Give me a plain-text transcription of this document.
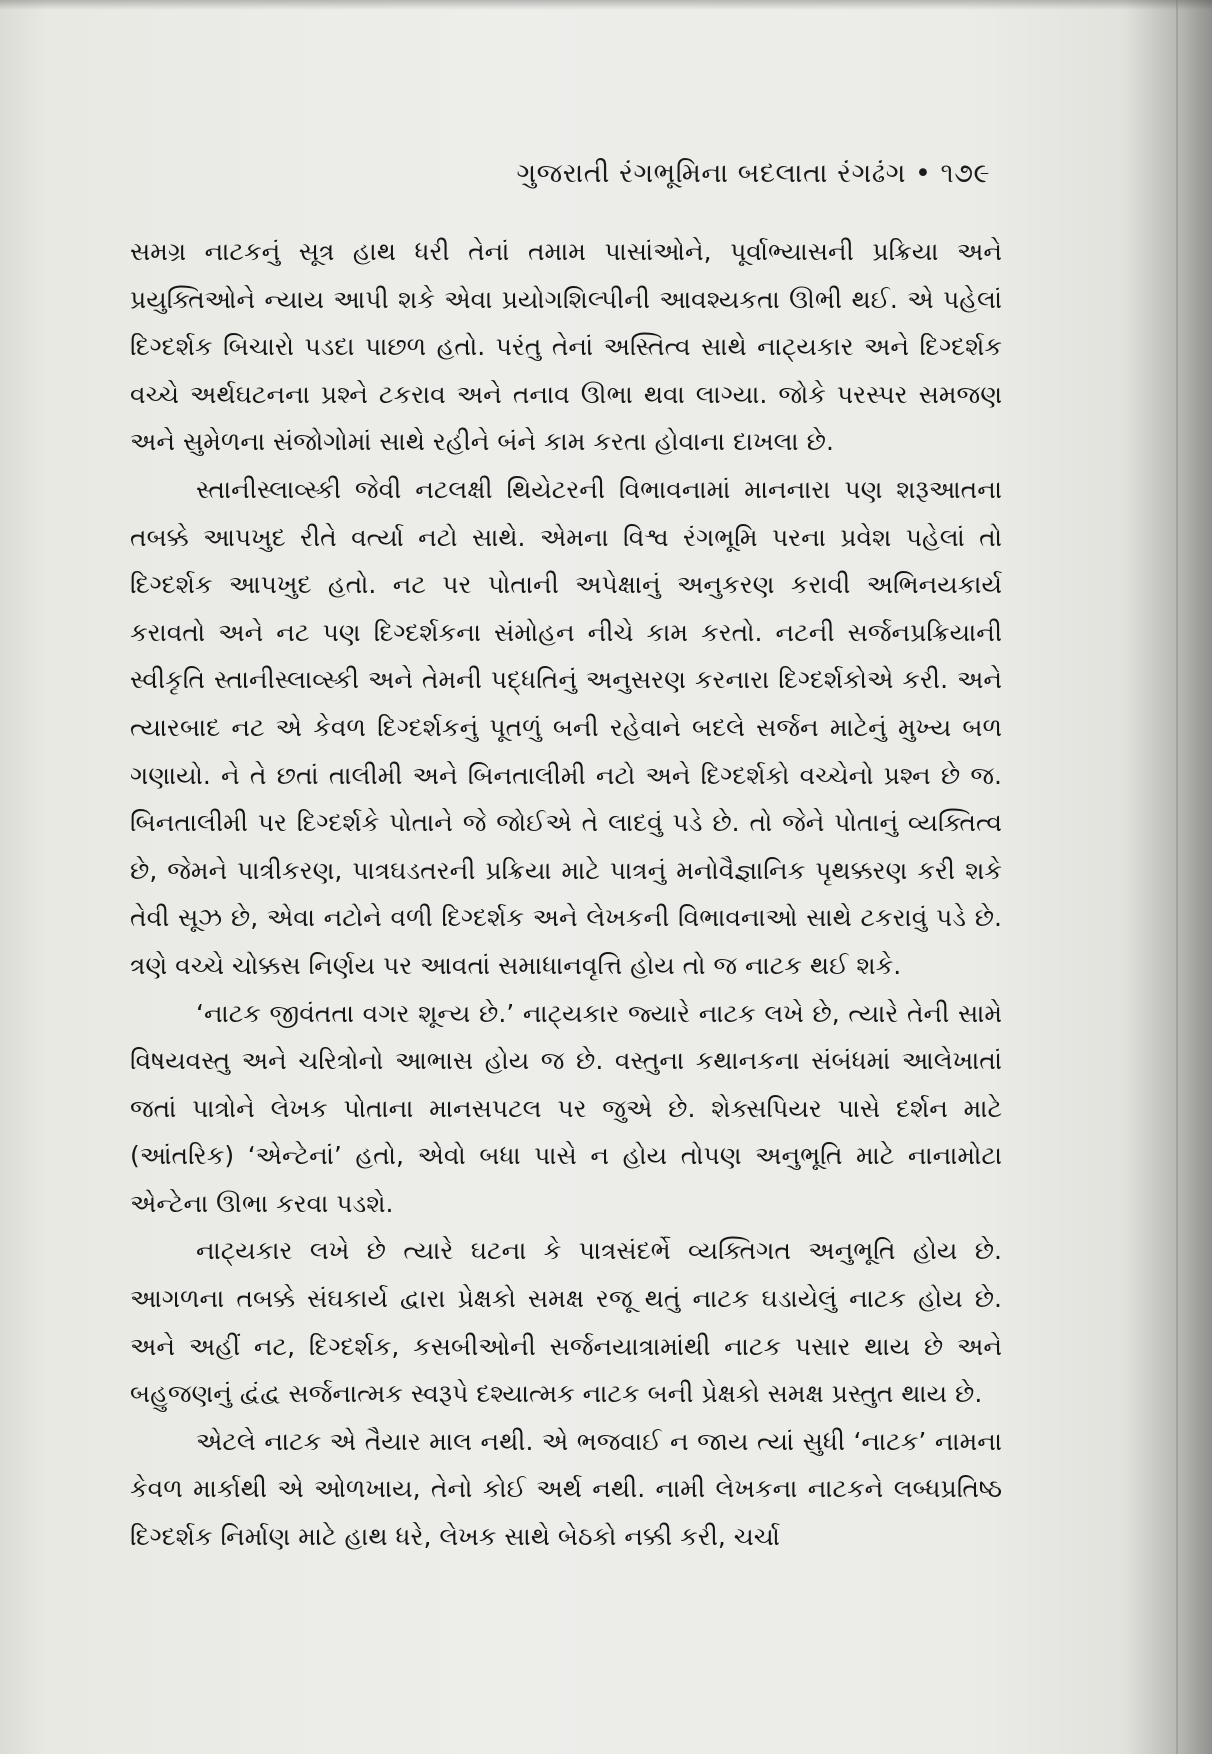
ગુજરાતી રંગભૂમિના બદલાતા રંગઢંગ • ૧૭૯

સમગ્ર નાટકનું સૂત્ર હાથ ધરી તેનાં તમામ પાસાંઓને, પૂર્વાભ્યાસની પ્રક્રિયા અને પ્રયુક્તિઓને ન્યાય આપી શકે એવા પ્રયોગશિલ્પીની આવશ્યકતા ઊભી થઈ. એ પહેલાં દિગ્દર્શક બિચારો પડદા પાછળ હતો. પરંતુ તેનાં અસ્તિત્વ સાથે નાટ્યકાર અને દિગ્દર્શક વચ્ચે અર્થઘટનના પ્રશ્ને ટકરાવ અને તનાવ ઊભા થવા લાગ્યા. જોકે પરસ્પર સમજણ અને સુમેળના સંજોગોમાં સાથે રહીને બંને કામ કરતા હોવાના દાખલા છે.

સ્તાનીસ્લાવ્સ્કી જેવી નટલક્ષી થિયેટરની વિભાવનામાં માનનારા પણ શરૂઆતના તબક્કે આપખુદ રીતે વર્ત્યા નટો સાથે. એમના વિશ્વ રંગભૂમિ પરના પ્રવેશ પહેલાં તો દિગ્દર્શક આપખુદ હતો. નટ પર પોતાની અપેક્ષાનું અનુકરણ કરાવી અભિનયકાર્ય કરાવતો અને નટ પણ દિગ્દર્શકના સંમોહન નીચે કામ કરતો. નટની સર્જનપ્રક્રિયાની સ્વીકૃતિ સ્તાનીસ્લાવ્સ્કી અને તેમની પદ્ધતિનું અનુસરણ કરનારા દિગ્દર્શકોએ કરી. અને ત્યારબાદ નટ એ કેવળ દિગ્દર્શકનું પૂતળું બની રહેવાને બદલે સર્જન માટેનું મુખ્ય બળ ગણાયો. ને તે છતાં તાલીમી અને બિનતાલીમી નટો અને દિગ્દર્શકો વચ્ચેનો પ્રશ્ન છે જ. બિનતાલીમી પર દિગ્દર્શકે પોતાને જે જોઈએ તે લાદવું પડે છે. તો જેને પોતાનું વ્યક્તિત્વ છે, જેમને પાત્રીકરણ, પાત્રઘડતરની પ્રક્રિયા માટે પાત્રનું મનોવૈજ્ઞાનિક પૃથક્કરણ કરી શકે તેવી સૂઝ છે, એવા નટોને વળી દિગ્દર્શક અને લેખકની વિભાવનાઓ સાથે ટકરાવું પડે છે. ત્રણે વચ્ચે ચોક્કસ નિર્ણય પર આવતાં સમાધાનવૃત્તિ હોય તો જ નાટક થઈ શકે.

‘નાટક જીવંતતા વગર શૂન્ય છે.’ નાટ્યકાર જ્યારે નાટક લખે છે, ત્યારે તેની સામે વિષયવસ્તુ અને ચરિત્રોનો આભાસ હોય જ છે. વસ્તુના કથાનકના સંબંધમાં આલેખાતાં જતાં પાત્રોને લેખક પોતાના માનસપટલ પર જુએ છે. શેક્સપિયર પાસે દર્શન માટે (આંતરિક) ‘એન્ટેનાં’ હતો, એવો બધા પાસે ન હોય તોપણ અનુભૂતિ માટે નાનામોટા એન્ટેના ઊભા કરવા પડશે.

નાટ્યકાર લખે છે ત્યારે ઘટના કે પાત્રસંદર્ભે વ્યક્તિગત અનુભૂતિ હોય છે. આગળના તબક્કે સંઘકાર્ય દ્વારા પ્રેક્ષકો સમક્ષ રજૂ થતું નાટક ઘડાયેલું નાટક હોય છે. અને અહીં નટ, દિગ્દર્શક, કસબીઓની સર્જનયાત્રામાંથી નાટક પસાર થાય છે અને બહુજણનું દ્વંદ્વ સર્જનાત્મક સ્વરૂપે દશ્યાત્મક નાટક બની પ્રેક્ષકો સમક્ષ પ્રસ્તુત થાય છે.

એટલે નાટક એ તૈયાર માલ નથી. એ ભજવાઈ ન જાય ત્યાં સુધી ‘નાટક’ નામના કેવળ માર્કાથી એ ઓળખાય, તેનો કોઈ અર્થ નથી. નામી લેખકના નાટકને લબ્ધપ્રતિષ્ઠ દિગ્દર્શક નિર્માણ માટે હાથ ધરે, લેખક સાથે બેઠકો નક્કી કરી, ચર્ચા
